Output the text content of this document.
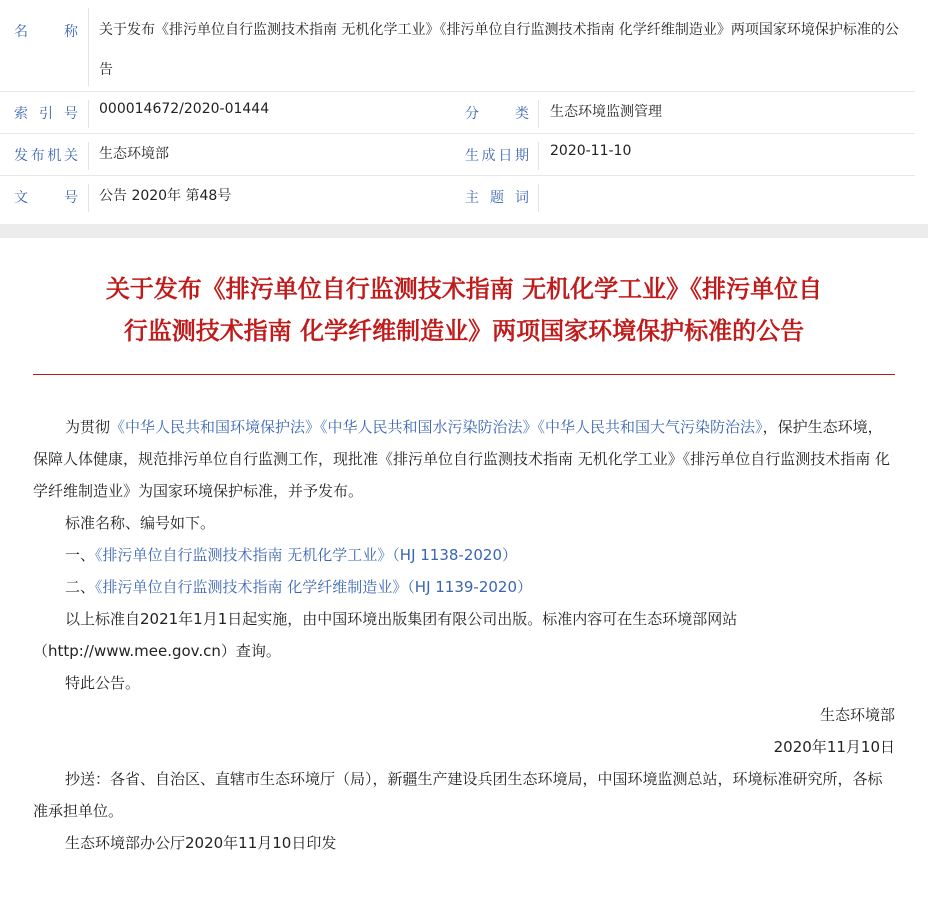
名称 关于发布《排污单位自行监测技术指南 无机化学工业》《排污单位自行监测技术指南 化学纤维制造业》两项国家环境保护标准的公告
索引号 000014672/2020-01444	分类 生态环境监测管理
发布机关 生态环境部	生成日期 2020-11-10
文号 公告 2020年 第48号	主题词
关于发布《排污单位自行监测技术指南 无机化学工业》《排污单位自行监测技术指南 化学纤维制造业》两项国家环境保护标准的公告

为贯彻《中华人民共和国环境保护法》《中华人民共和国水污染防治法》《中华人民共和国大气污染防治法》，保护生态环境，保障人体健康，规范排污单位自行监测工作，现批准《排污单位自行监测技术指南 无机化学工业》《排污单位自行监测技术指南 化学纤维制造业》为国家环境保护标准，并予发布。

标准名称、编号如下。

一、《排污单位自行监测技术指南 无机化学工业》（HJ 1138-2020）

二、《排污单位自行监测技术指南 化学纤维制造业》（HJ 1139-2020）

以上标准自2021年1月1日起实施，由中国环境出版集团有限公司出版。标准内容可在生态环境部网站（http://www.mee.gov.cn）查询。

特此公告。

生态环境部

2020年11月10日

抄送：各省、自治区、直辖市生态环境厅（局），新疆生产建设兵团生态环境局，中国环境监测总站，环境标准研究所，各标准承担单位。

生态环境部办公厅2020年11月10日印发
